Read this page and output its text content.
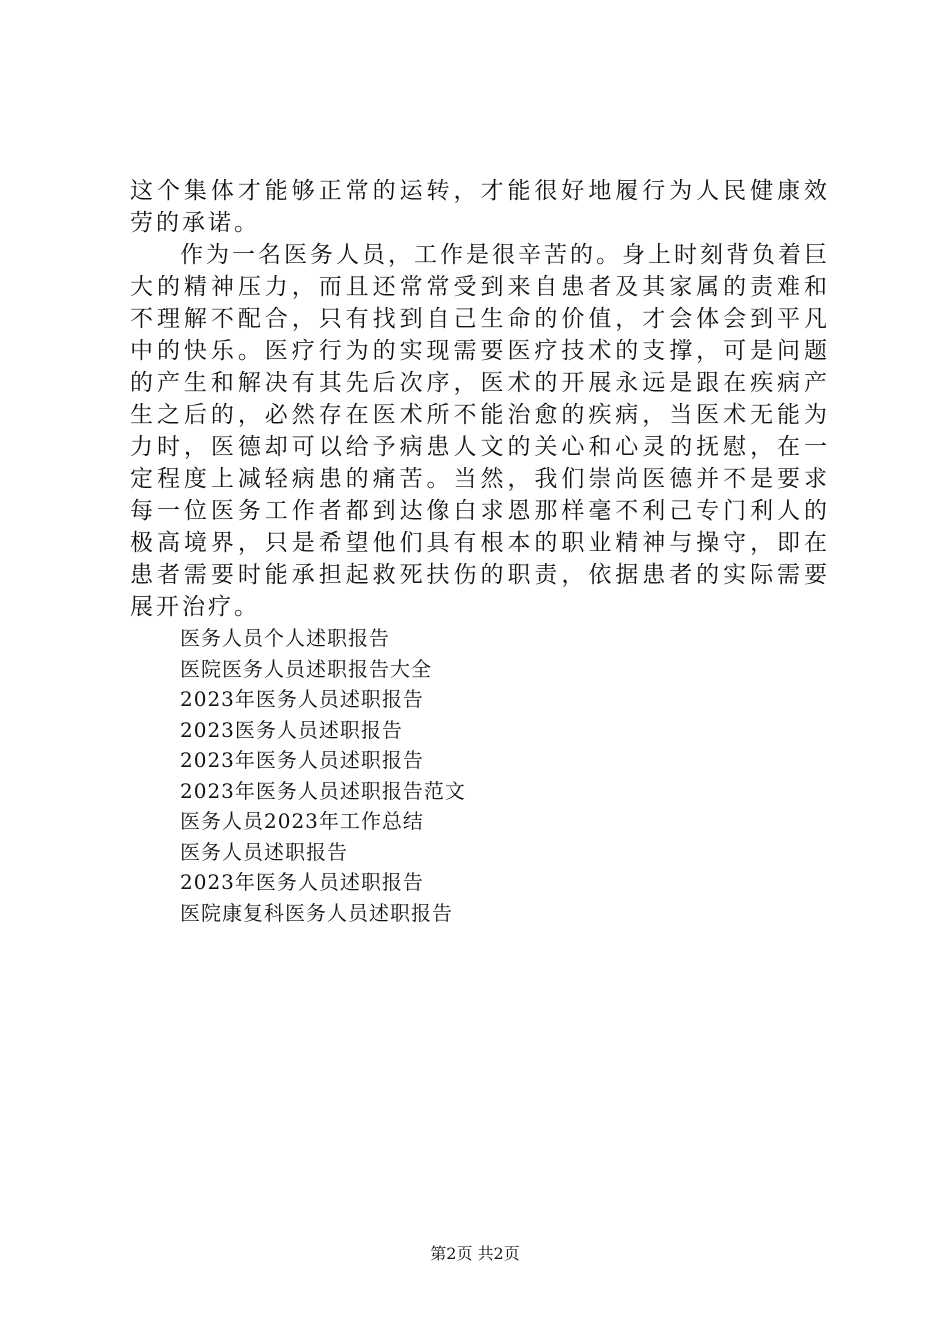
这个集体才能够正常的运转，才能很好地履行为人民健康效劳的承诺。

作为一名医务人员，工作是很辛苦的。身上时刻背负着巨大的精神压力，而且还常常受到来自患者及其家属的责难和不理解不配合，只有找到自己生命的价值，才会体会到平凡中的快乐。医疗行为的实现需要医疗技术的支撑，可是问题的产生和解决有其先后次序，医术的开展永远是跟在疾病产生之后的，必然存在医术所不能治愈的疾病，当医术无能为力时，医德却可以给予病患人文的关心和心灵的抚慰，在一定程度上减轻病患的痛苦。当然，我们崇尚医德并不是要求每一位医务工作者都到达像白求恩那样毫不利己专门利人的极高境界，只是希望他们具有根本的职业精神与操守，即在患者需要时能承担起救死扶伤的职责，依据患者的实际需要展开治疗。

医务人员个人述职报告
医院医务人员述职报告大全
2023年医务人员述职报告
2023医务人员述职报告
2023年医务人员述职报告
2023年医务人员述职报告范文
医务人员2023年工作总结
医务人员述职报告
2023年医务人员述职报告
医院康复科医务人员述职报告
第2页 共2页
